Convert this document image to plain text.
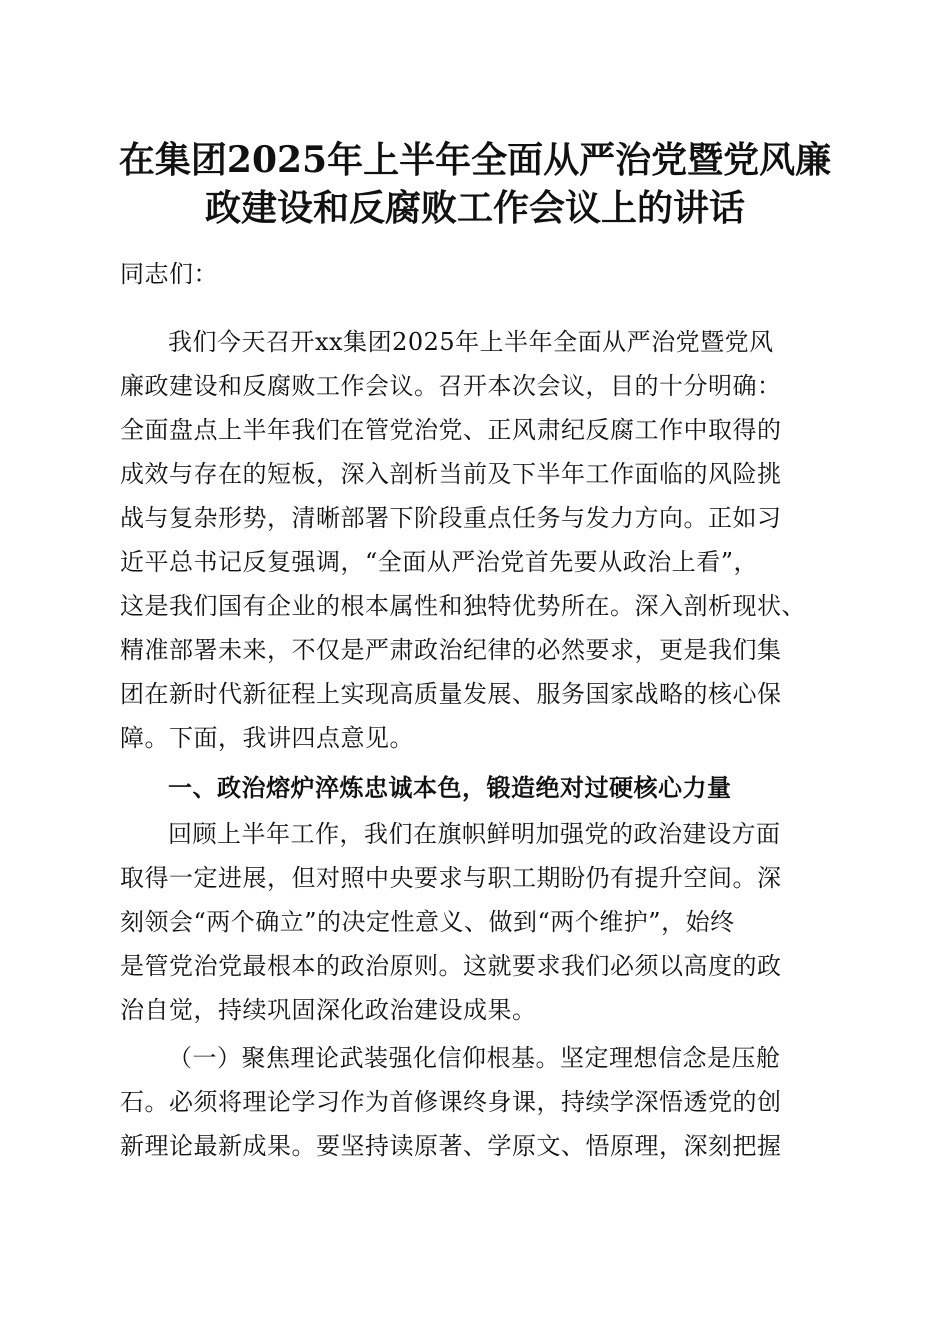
在集团2025年上半年全面从严治党暨党风廉
政建设和反腐败工作会议上的讲话
同志们：
我们今天召开xx集团2025年上半年全面从严治党暨党风
廉政建设和反腐败工作会议。召开本次会议，目的十分明确：
全面盘点上半年我们在管党治党、正风肃纪反腐工作中取得的
成效与存在的短板，深入剖析当前及下半年工作面临的风险挑
战与复杂形势，清晰部署下阶段重点任务与发力方向。正如习
近平总书记反复强调，“全面从严治党首先要从政治上看”，
这是我们国有企业的根本属性和独特优势所在。深入剖析现状、
精准部署未来，不仅是严肃政治纪律的必然要求，更是我们集
团在新时代新征程上实现高质量发展、服务国家战略的核心保
障。下面，我讲四点意见。
一、政治熔炉淬炼忠诚本色，锻造绝对过硬核心力量
回顾上半年工作，我们在旗帜鲜明加强党的政治建设方面
取得一定进展，但对照中央要求与职工期盼仍有提升空间。深
刻领会“两个确立”的决定性意义、做到“两个维护”，始终
是管党治党最根本的政治原则。这就要求我们必须以高度的政
治自觉，持续巩固深化政治建设成果。
（一）聚焦理论武装强化信仰根基。坚定理想信念是压舱
石。必须将理论学习作为首修课终身课，持续学深悟透党的创
新理论最新成果。要坚持读原著、学原文、悟原理，深刻把握
